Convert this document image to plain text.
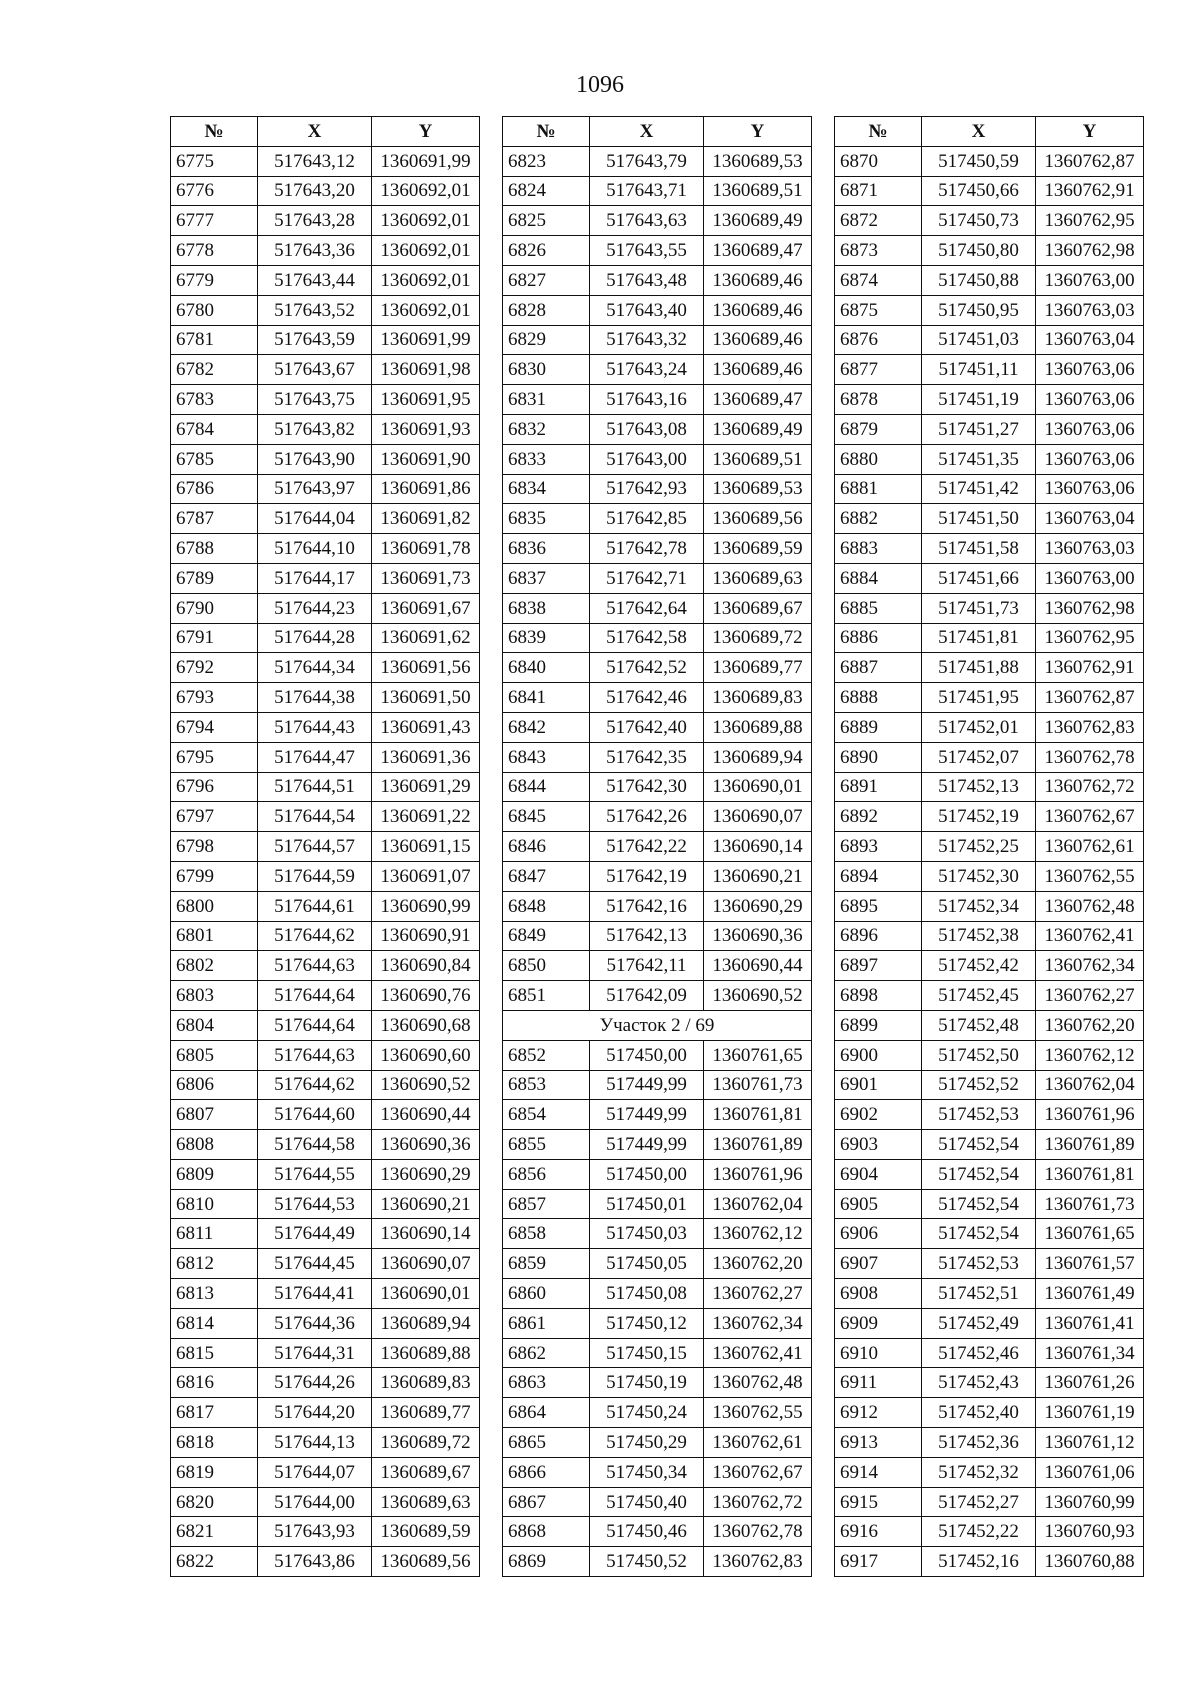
1096
№	X	Y
6775	517643,12	1360691,99
6776	517643,20	1360692,01
6777	517643,28	1360692,01
6778	517643,36	1360692,01
6779	517643,44	1360692,01
6780	517643,52	1360692,01
6781	517643,59	1360691,99
6782	517643,67	1360691,98
6783	517643,75	1360691,95
6784	517643,82	1360691,93
6785	517643,90	1360691,90
6786	517643,97	1360691,86
6787	517644,04	1360691,82
6788	517644,10	1360691,78
6789	517644,17	1360691,73
6790	517644,23	1360691,67
6791	517644,28	1360691,62
6792	517644,34	1360691,56
6793	517644,38	1360691,50
6794	517644,43	1360691,43
6795	517644,47	1360691,36
6796	517644,51	1360691,29
6797	517644,54	1360691,22
6798	517644,57	1360691,15
6799	517644,59	1360691,07
6800	517644,61	1360690,99
6801	517644,62	1360690,91
6802	517644,63	1360690,84
6803	517644,64	1360690,76
6804	517644,64	1360690,68
6805	517644,63	1360690,60
6806	517644,62	1360690,52
6807	517644,60	1360690,44
6808	517644,58	1360690,36
6809	517644,55	1360690,29
6810	517644,53	1360690,21
6811	517644,49	1360690,14
6812	517644,45	1360690,07
6813	517644,41	1360690,01
6814	517644,36	1360689,94
6815	517644,31	1360689,88
6816	517644,26	1360689,83
6817	517644,20	1360689,77
6818	517644,13	1360689,72
6819	517644,07	1360689,67
6820	517644,00	1360689,63
6821	517643,93	1360689,59
6822	517643,86	1360689,56
№	X	Y
6823	517643,79	1360689,53
6824	517643,71	1360689,51
6825	517643,63	1360689,49
6826	517643,55	1360689,47
6827	517643,48	1360689,46
6828	517643,40	1360689,46
6829	517643,32	1360689,46
6830	517643,24	1360689,46
6831	517643,16	1360689,47
6832	517643,08	1360689,49
6833	517643,00	1360689,51
6834	517642,93	1360689,53
6835	517642,85	1360689,56
6836	517642,78	1360689,59
6837	517642,71	1360689,63
6838	517642,64	1360689,67
6839	517642,58	1360689,72
6840	517642,52	1360689,77
6841	517642,46	1360689,83
6842	517642,40	1360689,88
6843	517642,35	1360689,94
6844	517642,30	1360690,01
6845	517642,26	1360690,07
6846	517642,22	1360690,14
6847	517642,19	1360690,21
6848	517642,16	1360690,29
6849	517642,13	1360690,36
6850	517642,11	1360690,44
6851	517642,09	1360690,52
Участок 2 / 69		
6852	517450,00	1360761,65
6853	517449,99	1360761,73
6854	517449,99	1360761,81
6855	517449,99	1360761,89
6856	517450,00	1360761,96
6857	517450,01	1360762,04
6858	517450,03	1360762,12
6859	517450,05	1360762,20
6860	517450,08	1360762,27
6861	517450,12	1360762,34
6862	517450,15	1360762,41
6863	517450,19	1360762,48
6864	517450,24	1360762,55
6865	517450,29	1360762,61
6866	517450,34	1360762,67
6867	517450,40	1360762,72
6868	517450,46	1360762,78
6869	517450,52	1360762,83
№	X	Y
6870	517450,59	1360762,87
6871	517450,66	1360762,91
6872	517450,73	1360762,95
6873	517450,80	1360762,98
6874	517450,88	1360763,00
6875	517450,95	1360763,03
6876	517451,03	1360763,04
6877	517451,11	1360763,06
6878	517451,19	1360763,06
6879	517451,27	1360763,06
6880	517451,35	1360763,06
6881	517451,42	1360763,06
6882	517451,50	1360763,04
6883	517451,58	1360763,03
6884	517451,66	1360763,00
6885	517451,73	1360762,98
6886	517451,81	1360762,95
6887	517451,88	1360762,91
6888	517451,95	1360762,87
6889	517452,01	1360762,83
6890	517452,07	1360762,78
6891	517452,13	1360762,72
6892	517452,19	1360762,67
6893	517452,25	1360762,61
6894	517452,30	1360762,55
6895	517452,34	1360762,48
6896	517452,38	1360762,41
6897	517452,42	1360762,34
6898	517452,45	1360762,27
6899	517452,48	1360762,20
6900	517452,50	1360762,12
6901	517452,52	1360762,04
6902	517452,53	1360761,96
6903	517452,54	1360761,89
6904	517452,54	1360761,81
6905	517452,54	1360761,73
6906	517452,54	1360761,65
6907	517452,53	1360761,57
6908	517452,51	1360761,49
6909	517452,49	1360761,41
6910	517452,46	1360761,34
6911	517452,43	1360761,26
6912	517452,40	1360761,19
6913	517452,36	1360761,12
6914	517452,32	1360761,06
6915	517452,27	1360760,99
6916	517452,22	1360760,93
6917	517452,16	1360760,88
